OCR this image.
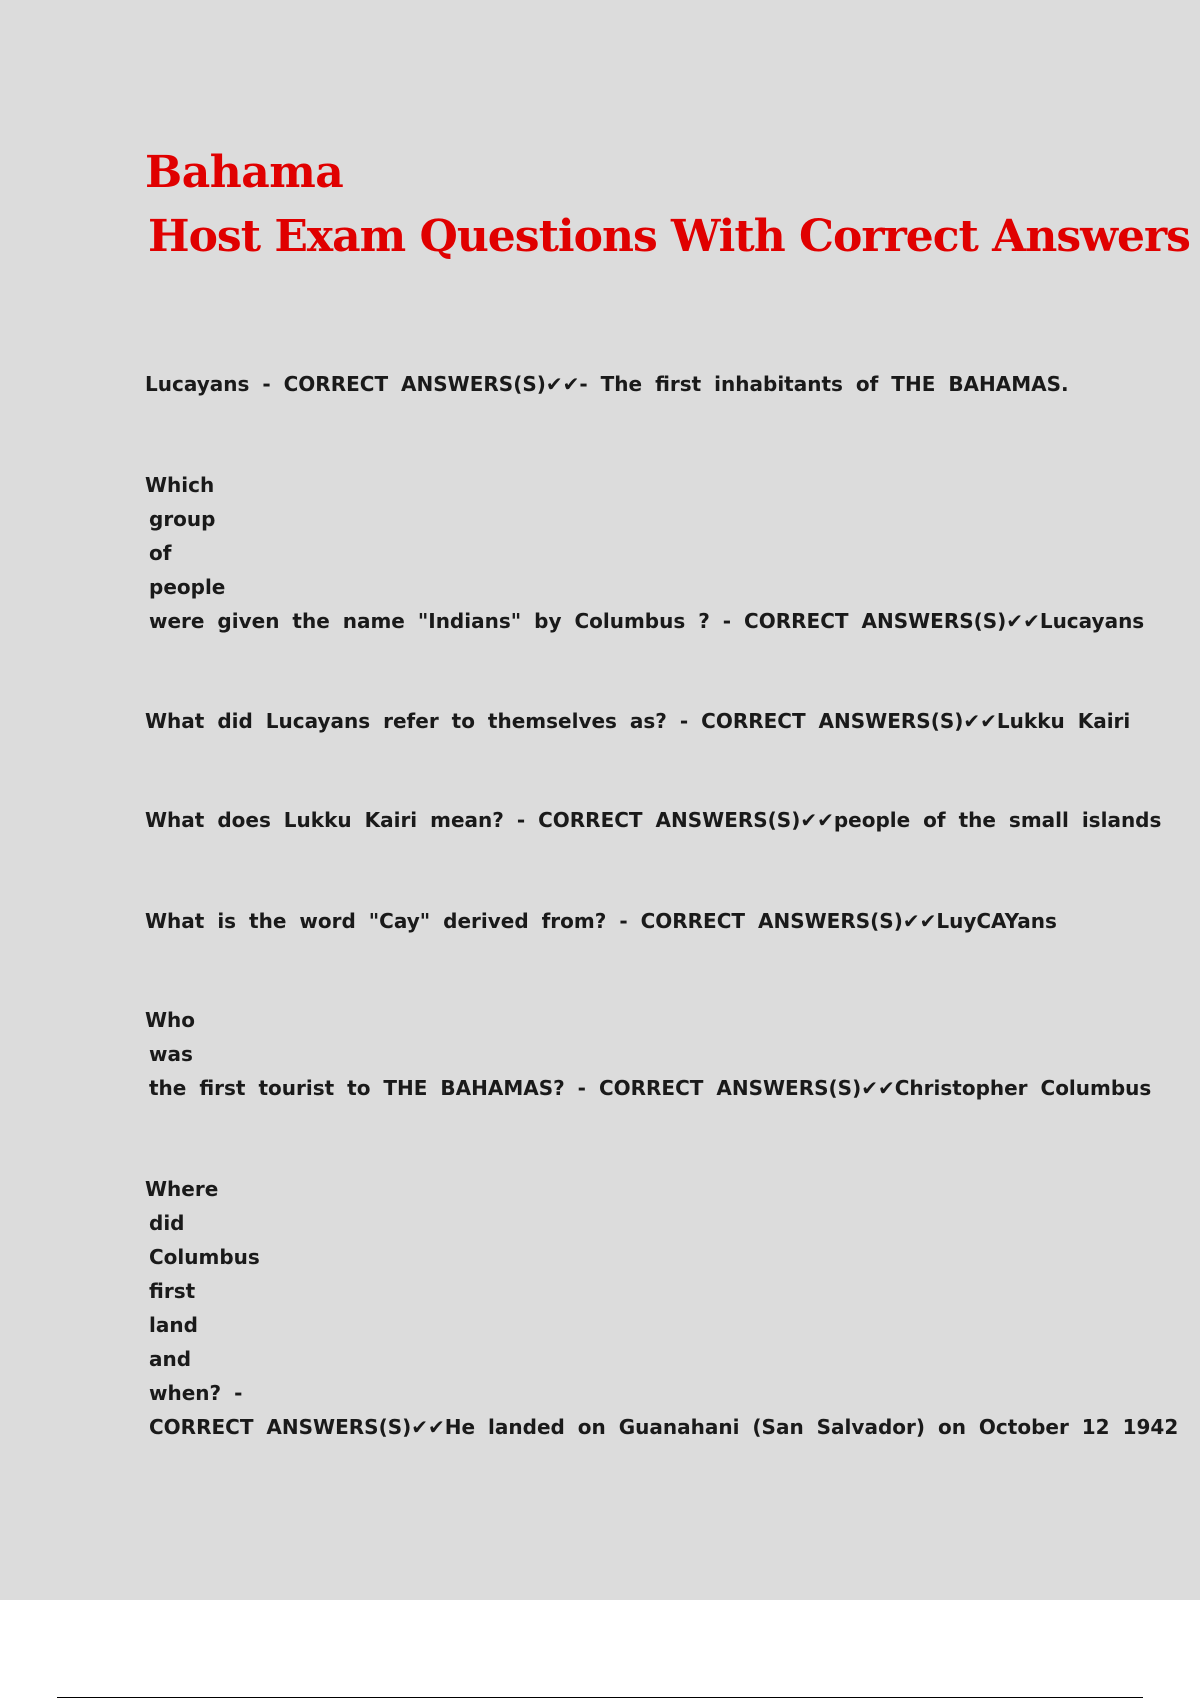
Bahama
Host Exam Questions With Correct Answers
Lucayans - CORRECT ANSWERS(S)✔✔- The first inhabitants of THE BAHAMAS.
Which
group
of
people
were given the name "Indians" by Columbus ? - CORRECT ANSWERS(S)✔✔Lucayans
What did Lucayans refer to themselves as? - CORRECT ANSWERS(S)✔✔Lukku Kairi
What does Lukku Kairi mean? - CORRECT ANSWERS(S)✔✔people of the small islands
What is the word "Cay" derived from? - CORRECT ANSWERS(S)✔✔LuyCAYans
Who
was
the first tourist to THE BAHAMAS? - CORRECT ANSWERS(S)✔✔Christopher Columbus
Where
did
Columbus
first
land
and
when? -
CORRECT ANSWERS(S)✔✔He landed on Guanahani (San Salvador) on October 12 1942
